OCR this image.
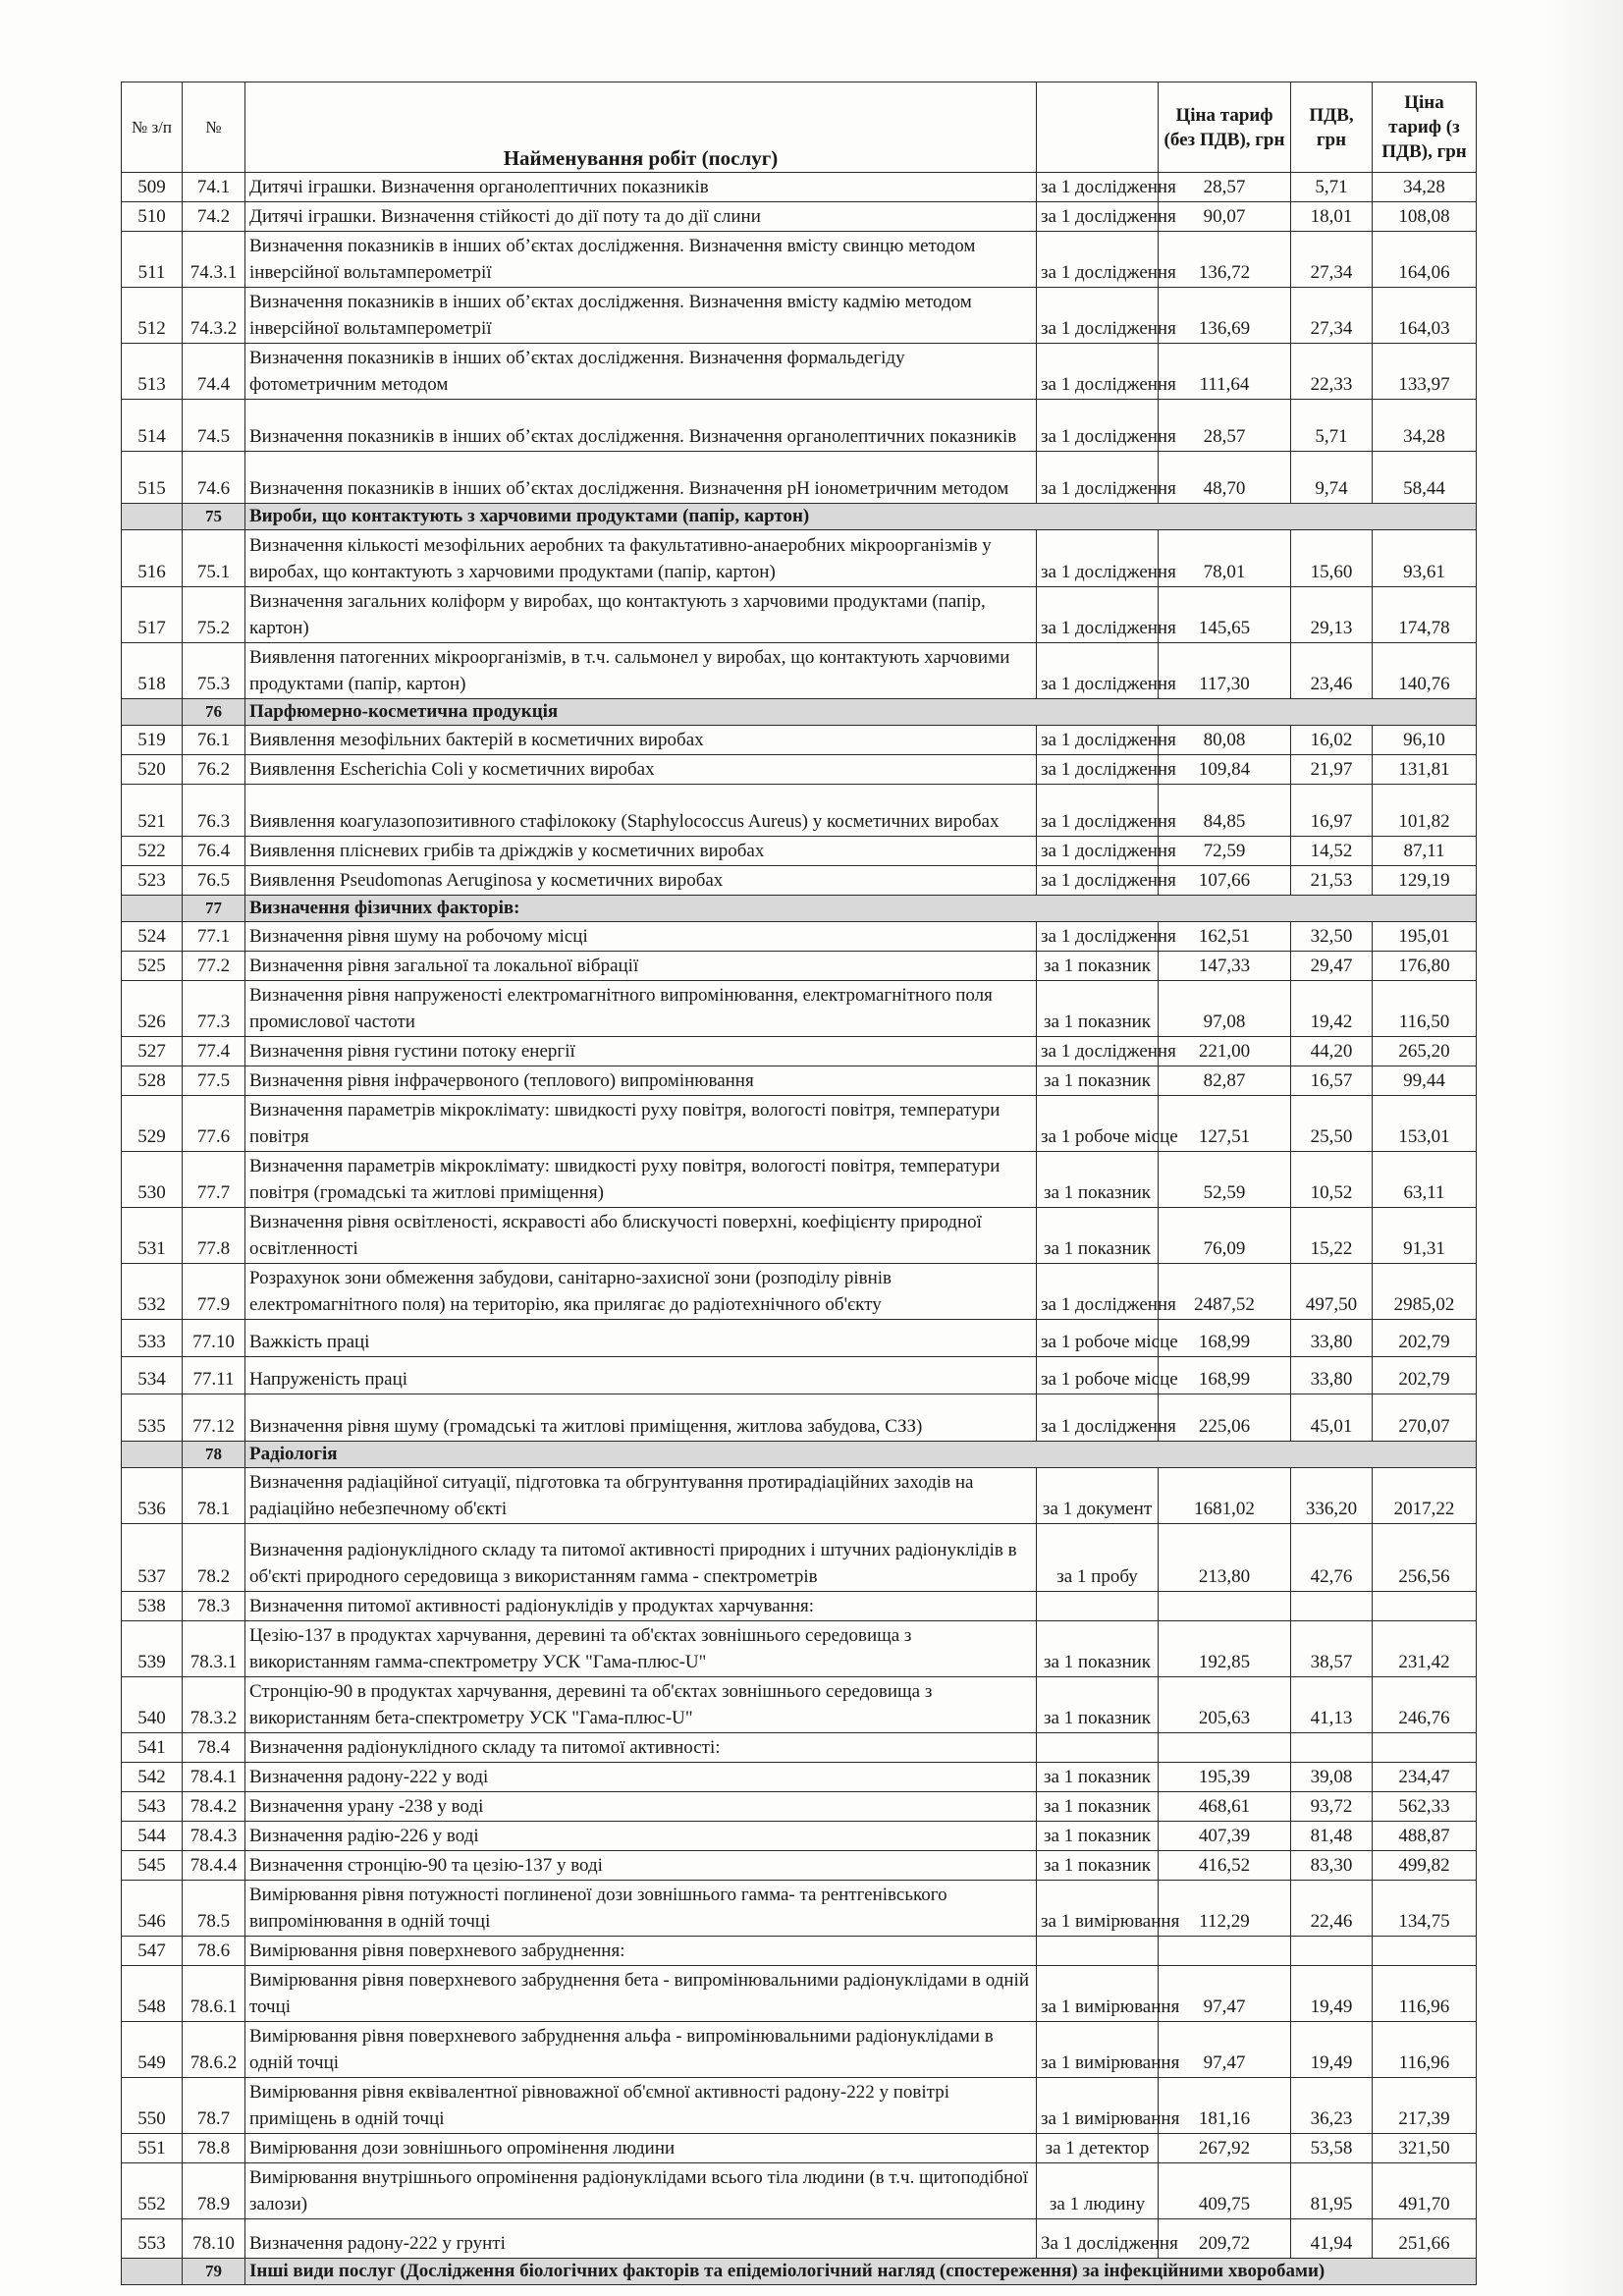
№ з/п	№	Найменування робіт (послуг)		Ціна тариф (без ПДВ), грн	ПДВ, грн	Ціна тариф (з ПДВ), грн
509	74.1	Дитячі іграшки. Визначення органолептичних показників	за 1 дослідження	28,57	5,71	34,28
510	74.2	Дитячі іграшки. Визначення стійкості до дії поту та до дії слини	за 1 дослідження	90,07	18,01	108,08
511	74.3.1	Визначення показників в інших об’єктах дослідження. Визначення вмісту свинцю методом інверсійної вольтамперометрії	за 1 дослідження	136,72	27,34	164,06
512	74.3.2	Визначення показників в інших об’єктах дослідження. Визначення вмісту кадмію методом інверсійної вольтамперометрії	за 1 дослідження	136,69	27,34	164,03
513	74.4	Визначення показників в інших об’єктах дослідження. Визначення формальдегіду фотометричним методом	за 1 дослідження	111,64	22,33	133,97
514	74.5	Визначення показників в інших об’єктах дослідження. Визначення органолептичних показників	за 1 дослідження	28,57	5,71	34,28
515	74.6	Визначення показників в інших об’єктах дослідження. Визначення pH іонометричним методом	за 1 дослідження	48,70	9,74	58,44
	75	Вироби, що контактують з харчовими продуктами (папір, картон)				
516	75.1	Визначення кількості мезофільних аеробних та факультативно-анаеробних мікроорганізмів у виробах, що контактують з харчовими продуктами (папір, картон)	за 1 дослідження	78,01	15,60	93,61
517	75.2	Визначення загальних коліформ у виробах, що контактують з харчовими продуктами (папір, картон)	за 1 дослідження	145,65	29,13	174,78
518	75.3	Виявлення патогенних мікроорганізмів, в т.ч. сальмонел у виробах, що контактують харчовими продуктами (папір, картон)	за 1 дослідження	117,30	23,46	140,76
	76	Парфюмерно-косметична продукція				
519	76.1	Виявлення мезофільних бактерій в косметичних виробах	за 1 дослідження	80,08	16,02	96,10
520	76.2	Виявлення Escherichia Coli у косметичних виробах	за 1 дослідження	109,84	21,97	131,81
521	76.3	Виявлення коагулазопозитивного стафілококу (Staphylococcus Aureus) у косметичних виробах	за 1 дослідження	84,85	16,97	101,82
522	76.4	Виявлення плісневих грибів та дріжджів у косметичних виробах	за 1 дослідження	72,59	14,52	87,11
523	76.5	Виявлення Pseudomonas Aeruginosa у косметичних виробах	за 1 дослідження	107,66	21,53	129,19
	77	Визначення фізичних факторів:				
524	77.1	Визначення рівня шуму на робочому місці	за 1 дослідження	162,51	32,50	195,01
525	77.2	Визначення рівня загальної та локальної вібрації	за 1 показник	147,33	29,47	176,80
526	77.3	Визначення рівня напруженості електромагнітного випромінювання, електромагнітного поля промислової частоти	за 1 показник	97,08	19,42	116,50
527	77.4	Визначення рівня густини потоку енергії	за 1 дослідження	221,00	44,20	265,20
528	77.5	Визначення рівня інфрачервоного (теплового) випромінювання	за 1 показник	82,87	16,57	99,44
529	77.6	Визначення параметрів мікроклімату: швидкості руху повітря, вологості повітря, температури повітря	за 1 робоче місце	127,51	25,50	153,01
530	77.7	Визначення параметрів мікроклімату: швидкості руху повітря, вологості повітря, температури повітря (громадські та житлові приміщення)	за 1 показник	52,59	10,52	63,11
531	77.8	Визначення рівня освітленості, яскравості або блискучості поверхні, коефіцієнту природної освітленності	за 1 показник	76,09	15,22	91,31
532	77.9	Розрахунок зони обмеження забудови, санітарно-захисної зони (розподілу рівнів електромагнітного поля) на територію, яка прилягає до радіотехнічного об'єкту	за 1 дослідження	2487,52	497,50	2985,02
533	77.10	Важкість праці	за 1 робоче місце	168,99	33,80	202,79
534	77.11	Напруженість праці	за 1 робоче місце	168,99	33,80	202,79
535	77.12	Визначення рівня шуму (громадські та житлові приміщення, житлова забудова, СЗЗ)	за 1 дослідження	225,06	45,01	270,07
	78	Радіологія				
536	78.1	Визначення радіаційної ситуації, підготовка та обгрунтування протирадіаційних заходів на радіаційно небезпечному об'єкті	за 1 документ	1681,02	336,20	2017,22
537	78.2	Визначення радіонуклідного складу та питомої активності природних і штучних радіонуклідів в об'єкті природного середовища з використанням гамма - спектрометрів	за 1 пробу	213,80	42,76	256,56
538	78.3	Визначення питомої активності радіонуклідів у продуктах харчування:				
539	78.3.1	Цезію-137 в продуктах харчування, деревині та об'єктах зовнішнього середовища з використанням гамма-спектрометру УСК "Гама-плюс-U"	за 1 показник	192,85	38,57	231,42
540	78.3.2	Стронцію-90 в продуктах харчування, деревині та об'єктах зовнішнього середовища з використанням бета-спектрометру УСК "Гама-плюс-U"	за 1 показник	205,63	41,13	246,76
541	78.4	Визначення радіонуклідного складу та питомої активності:				
542	78.4.1	Визначення радону-222 у воді	за 1 показник	195,39	39,08	234,47
543	78.4.2	Визначення урану -238 у воді	за 1 показник	468,61	93,72	562,33
544	78.4.3	Визначення радію-226 у воді	за 1 показник	407,39	81,48	488,87
545	78.4.4	Визначення стронцію-90 та цезію-137 у воді	за 1 показник	416,52	83,30	499,82
546	78.5	Вимірювання рівня потужності поглиненої дози зовнішнього гамма- та рентгенівського випромінювання в одній точці	за 1 вимірювання	112,29	22,46	134,75
547	78.6	Вимірювання рівня поверхневого забруднення:				
548	78.6.1	Вимірювання рівня поверхневого забруднення бета - випромінювальними радіонуклідами в одній точці	за 1 вимірювання	97,47	19,49	116,96
549	78.6.2	Вимірювання рівня поверхневого забруднення альфа - випромінювальними радіонуклідами в одній точці	за 1 вимірювання	97,47	19,49	116,96
550	78.7	Вимірювання рівня еквівалентної рівноважної об'ємної активності радону-222 у повітрі приміщень в одній точці	за 1 вимірювання	181,16	36,23	217,39
551	78.8	Вимірювання дози зовнішнього опромінення людини	за 1 детектор	267,92	53,58	321,50
552	78.9	Вимірювання внутрішнього опромінення радіонуклідами всього тіла людини (в т.ч. щитоподібної залози)	за 1 людину	409,75	81,95	491,70
553	78.10	Визначення радону-222 у грунті	За 1 дослідження	209,72	41,94	251,66
	79	Інші види послуг (Дослідження біологічних факторів та епідеміологічний нагляд (спостереження) за інфекційними хворобами)				
